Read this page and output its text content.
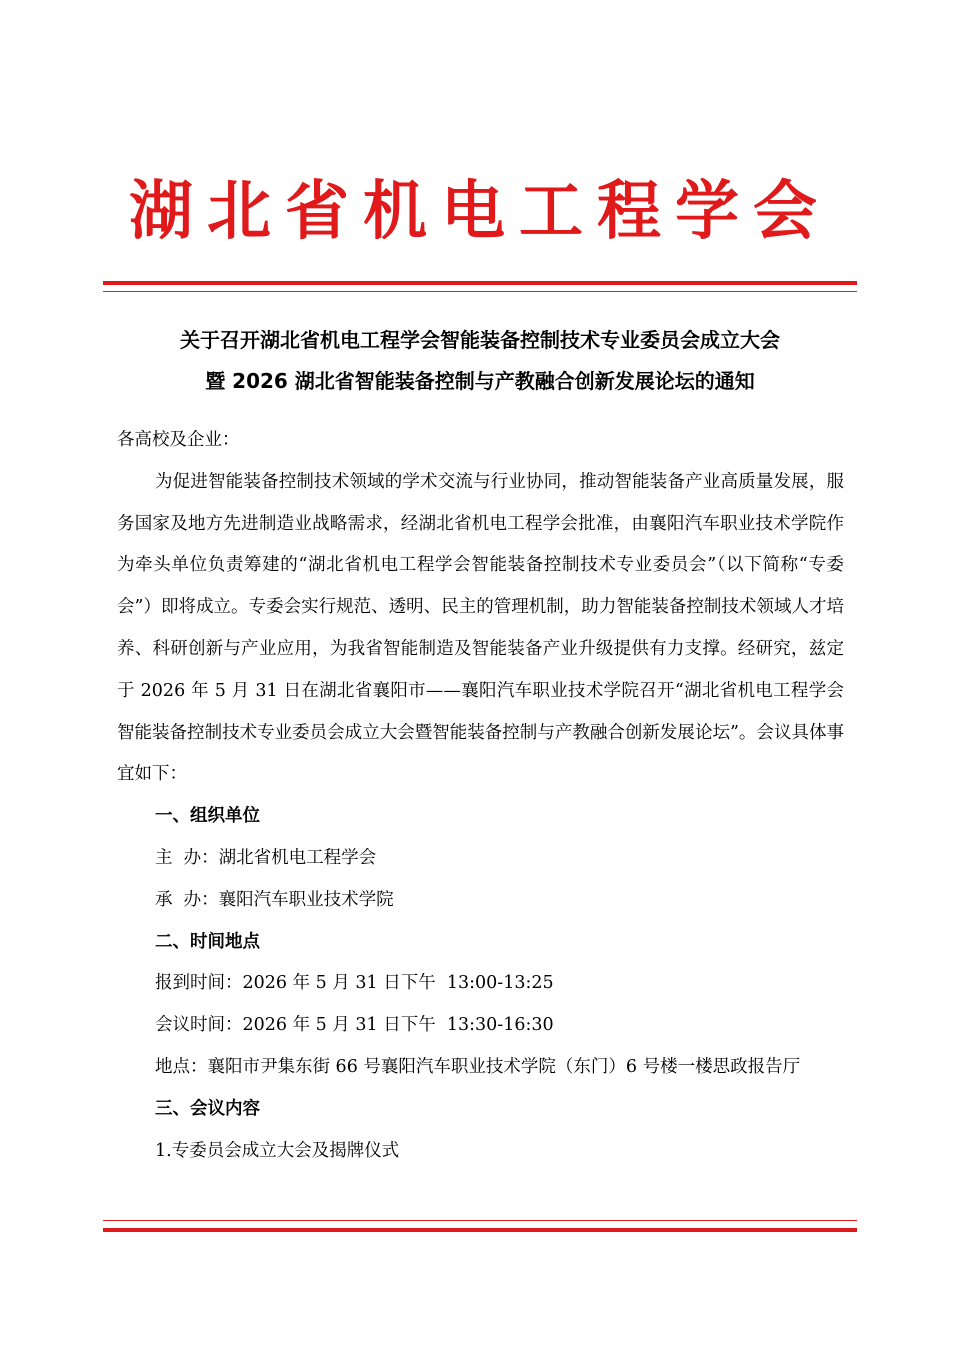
湖北省机电工程学会
关于召开湖北省机电工程学会智能装备控制技术专业委员会成立大会
暨 2026 湖北省智能装备控制与产教融合创新发展论坛的通知

各高校及企业：

为促进智能装备控制技术领域的学术交流与行业协同，推动智能装备产业高质量发展，服务国家及地方先进制造业战略需求，经湖北省机电工程学会批准，由襄阳汽车职业技术学院作为牵头单位负责筹建的“湖北省机电工程学会智能装备控制技术专业委员会”（以下简称“专委会”）即将成立。专委会实行规范、透明、民主的管理机制，助力智能装备控制技术领域人才培养、科研创新与产业应用，为我省智能制造及智能装备产业升级提供有力支撑。经研究，兹定于 2026 年 5 月 31 日在湖北省襄阳市——襄阳汽车职业技术学院召开“湖北省机电工程学会智能装备控制技术专业委员会成立大会暨智能装备控制与产教融合创新发展论坛”。会议具体事宜如下：

一、组织单位

主  办：湖北省机电工程学会

承  办：襄阳汽车职业技术学院

二、时间地点

报到时间：2026 年 5 月 31 日下午  13:00-13:25

会议时间：2026 年 5 月 31 日下午  13:30-16:30

地点：襄阳市尹集东街 66 号襄阳汽车职业技术学院（东门）6 号楼一楼思政报告厅

三、会议内容

1.专委员会成立大会及揭牌仪式
